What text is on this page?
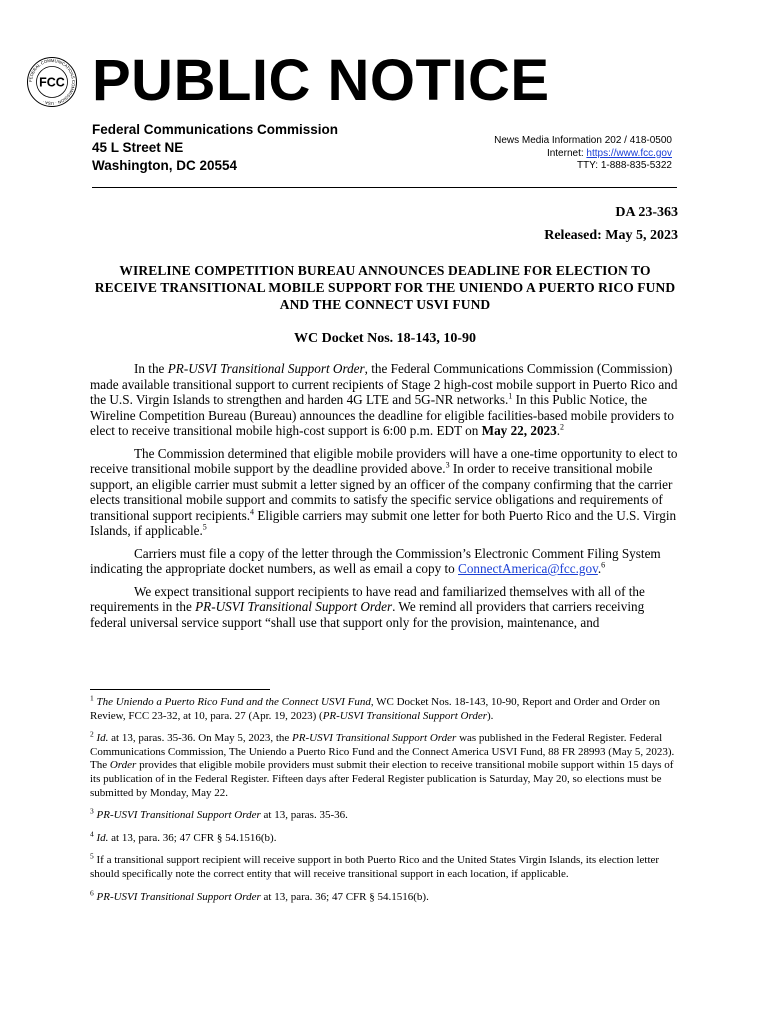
FEDERAL COMMUNICATIONS COMMISSION · USA ·
FCC PUBLIC NOTICE
Federal Communications Commission
45 L Street NE
Washington, DC 20554
News Media Information 202 / 418-0500
Internet: https://www.fcc.gov
TTY: 1-888-835-5322
DA 23-363
Released: May 5, 2023
WIRELINE COMPETITION BUREAU ANNOUNCES DEADLINE FOR ELECTION TO RECEIVE TRANSITIONAL MOBILE SUPPORT FOR THE UNIENDO A PUERTO RICO FUND AND THE CONNECT USVI FUND
WC Docket Nos. 18-143, 10-90

In the PR-USVI Transitional Support Order, the Federal Communications Commission (Commission) made available transitional support to current recipients of Stage 2 high-cost mobile support in Puerto Rico and the U.S. Virgin Islands to strengthen and harden 4G LTE and 5G-NR networks.$^1$ In this Public Notice, the Wireline Competition Bureau (Bureau) announces the deadline for eligible facilities-based mobile providers to elect to receive transitional mobile high-cost support is 6:00 p.m. EDT on May 22, 2023.$^2$

The Commission determined that eligible mobile providers will have a one-time opportunity to elect to receive transitional mobile support by the deadline provided above.$^3$ In order to receive transitional mobile support, an eligible carrier must submit a letter signed by an officer of the company confirming that the carrier elects transitional mobile support and commits to satisfy the specific service obligations and requirements of transitional support recipients.$^4$ Eligible carriers may submit one letter for both Puerto Rico and the U.S. Virgin Islands, if applicable.$^5$

Carriers must file a copy of the letter through the Commission’s Electronic Comment Filing System indicating the appropriate docket numbers, as well as email a copy to ConnectAmerica@fcc.gov.$^6$

We expect transitional support recipients to have read and familiarized themselves with all of the requirements in the PR-USVI Transitional Support Order. We remind all providers that carriers receiving federal universal service support “shall use that support only for the provision, maintenance, and

$^1$ The Uniendo a Puerto Rico Fund and the Connect USVI Fund, WC Docket Nos. 18-143, 10-90, Report and Order and Order on Review, FCC 23-32, at 10, para. 27 (Apr. 19, 2023) (PR-USVI Transitional Support Order).
$^2$ Id. at 13, paras. 35-36. On May 5, 2023, the PR-USVI Transitional Support Order was published in the Federal Register. Federal Communications Commission, The Uniendo a Puerto Rico Fund and the Connect America USVI Fund, 88 FR 28993 (May 5, 2023). The Order provides that eligible mobile providers must submit their election to receive transitional mobile support within 15 days of its publication of in the Federal Register. Fifteen days after Federal Register publication is Saturday, May 20, so elections must be submitted by Monday, May 22.
$^3$ PR-USVI Transitional Support Order at 13, paras. 35-36.
$^4$ Id. at 13, para. 36; 47 CFR § 54.1516(b).
$^5$ If a transitional support recipient will receive support in both Puerto Rico and the United States Virgin Islands, its election letter should specifically note the correct entity that will receive transitional support in each location, if applicable.
$^6$ PR-USVI Transitional Support Order at 13, para. 36; 47 CFR § 54.1516(b).
